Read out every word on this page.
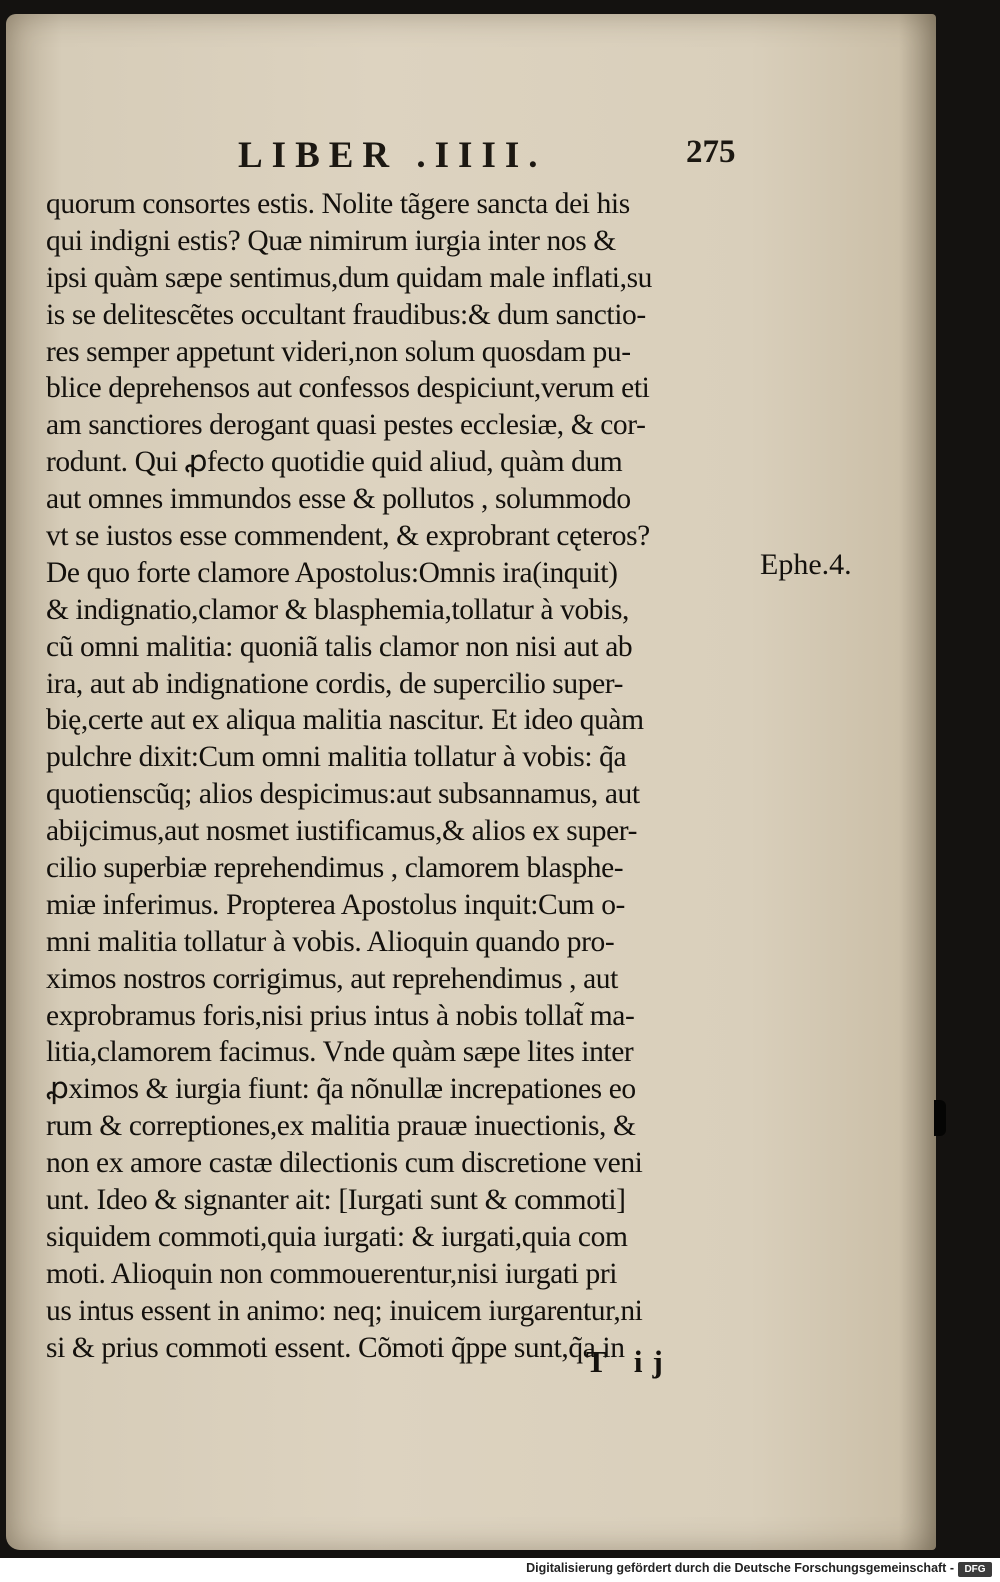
LIBER .IIII.	275
quorum consortes estis. Nolite tãgere sancta dei his
qui indigni estis? Quæ nimirum iurgia inter nos &
ipsi quàm sæpe sentimus,dum quidam male inflati,su
is se delitescẽtes occultant fraudibus:& dum sanctio-
res semper appetunt videri,non solum quosdam pu-
blice deprehensos aut confessos despiciunt,verum eti
am sanctiores derogant quasi pestes ecclesiæ, & cor-
rodunt. Qui ꝓfecto quotidie quid aliud, quàm dum
aut omnes immundos esse & pollutos , solummodo
vt se iustos esse commendent, & exprobrant cęteros?
De quo forte clamore Apostolus:Omnis ira(inquit)
& indignatio,clamor & blasphemia,tollatur à vobis,
cũ omni malitia: quoniã talis clamor non nisi aut ab
ira, aut ab indignatione cordis, de supercilio super-
bię,certe aut ex aliqua malitia nascitur. Et ideo quàm
pulchre dixit:Cum omni malitia tollatur à vobis: q̃a
quotienscũq; alios despicimus:aut subsannamus, aut
abijcimus,aut nosmet iustificamus,& alios ex super-
cilio superbiæ reprehendimus , clamorem blasphe-
miæ inferimus. Propterea Apostolus inquit:Cum o-
mni malitia tollatur à vobis. Alioquin quando pro-
ximos nostros corrigimus, aut reprehendimus , aut
exprobramus foris,nisi prius intus à nobis tollat̃ ma-
litia,clamorem facimus. Vnde quàm sæpe lites inter
ꝓximos & iurgia fiunt: q̃a nõnullæ increpationes eo
rum & correptiones,ex malitia prauæ inuectionis, &
non ex amore castæ dilectionis cum discretione veni
unt. Ideo & signanter ait: [Iurgati sunt & commoti]
siquidem commoti,quia iurgati: & iurgati,quia com
moti. Alioquin non commouerentur,nisi iurgati pri
us intus essent in animo: neq; inuicem iurgarentur,ni
si & prius commoti essent. Cõmoti q̃ppe sunt,q̃a in
Ephe.4.
T ij
Digitalisierung gefördert durch die Deutsche Forschungsgemeinschaft -	DFG
